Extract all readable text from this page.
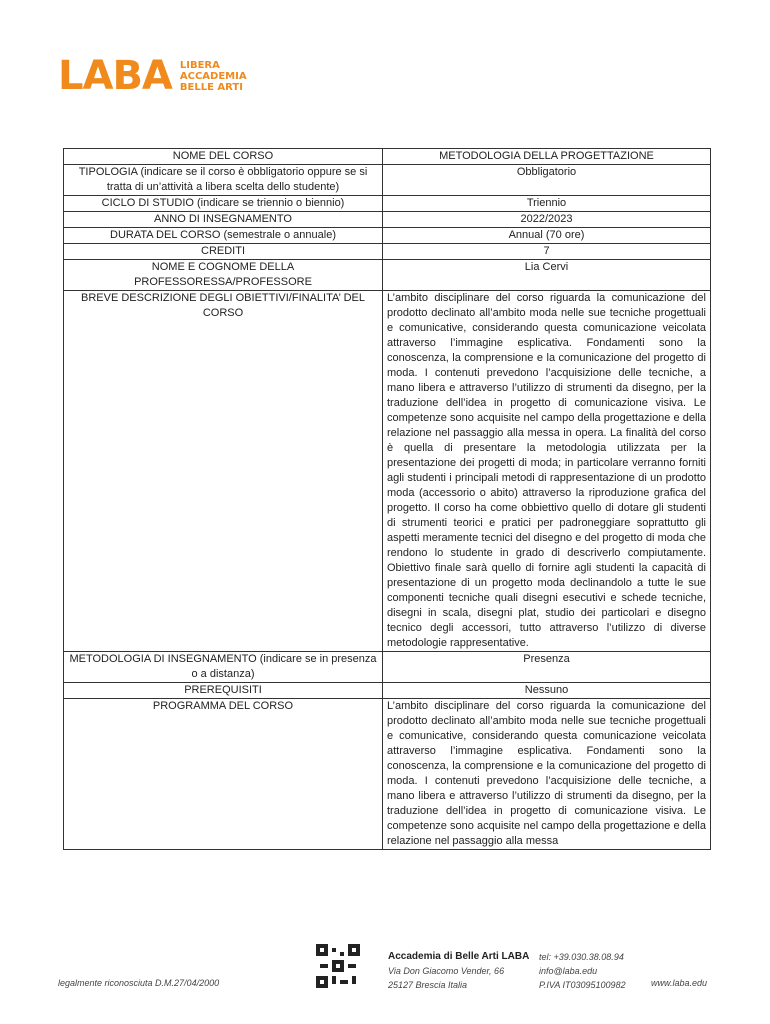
LABA LIBERA
ACCADEMIA
BELLE ARTI
NOME DEL CORSO	METODOLOGIA DELLA PROGETTAZIONE
TIPOLOGIA (indicare se il corso è obbligatorio oppure se si tratta di un’attività a libera scelta dello studente)	Obbligatorio
CICLO DI STUDIO (indicare se triennio o biennio)	Triennio
ANNO DI INSEGNAMENTO	2022/2023
DURATA DEL CORSO (semestrale o annuale)	Annual (70 ore)
CREDITI	7
NOME E COGNOME DELLA PROFESSORESSA/PROFESSORE	Lia Cervi
BREVE DESCRIZIONE DEGLI OBIETTIVI/FINALITA’ DEL CORSO	L’ambito disciplinare del corso riguarda la comunicazione del prodotto declinato all’ambito moda nelle sue tecniche progettuali e comunicative, considerando questa comunicazione veicolata attraverso l’immagine esplicativa. Fondamenti sono la conoscenza, la comprensione e la comunicazione del progetto di moda. I contenuti prevedono l’acquisizione delle tecniche, a mano libera e attraverso l’utilizzo di strumenti da disegno, per la traduzione dell’idea in progetto di comunicazione visiva. Le competenze sono acquisite nel campo della progettazione e della relazione nel passaggio alla messa in opera. La finalità del corso è quella di presentare la metodologia utilizzata per la presentazione dei progetti di moda; in particolare verranno forniti agli studenti i principali metodi di rappresentazione di un prodotto moda (accessorio o abito) attraverso la riproduzione grafica del progetto. Il corso ha come obbiettivo quello di dotare gli studenti di strumenti teorici e pratici per padroneggiare soprattutto gli aspetti meramente tecnici del disegno e del progetto di moda che rendono lo studente in grado di descriverlo compiutamente. Obiettivo finale sarà quello di fornire agli studenti la capacità di presentazione di un progetto moda declinandolo a tutte le sue componenti tecniche quali disegni esecutivi e schede tecniche, disegni in scala, disegni plat, studio dei particolari e disegno tecnico degli accessori, tutto attraverso l’utilizzo di diverse metodologie rappresentative.
METODOLOGIA DI INSEGNAMENTO (indicare se in presenza o a distanza)	Presenza
PREREQUISITI	Nessuno
PROGRAMMA DEL CORSO	L’ambito disciplinare del corso riguarda la comunicazione del prodotto declinato all’ambito moda nelle sue tecniche progettuali e comunicative, considerando questa comunicazione veicolata attraverso l’immagine esplicativa. Fondamenti sono la conoscenza, la comprensione e la comunicazione del progetto di moda. I contenuti prevedono l’acquisizione delle tecniche, a mano libera e attraverso l’utilizzo di strumenti da disegno, per la traduzione dell’idea in progetto di comunicazione visiva. Le competenze sono acquisite nel campo della progettazione e della relazione nel passaggio alla messa
legalmente riconosciuta D.M.27/04/2000
Accademia di Belle Arti LABA
Via Don Giacomo Vender, 66
25127 Brescia Italia
tel: +39.030.38.08.94
info@laba.edu
P.IVA IT03095100982	www.laba.edu
